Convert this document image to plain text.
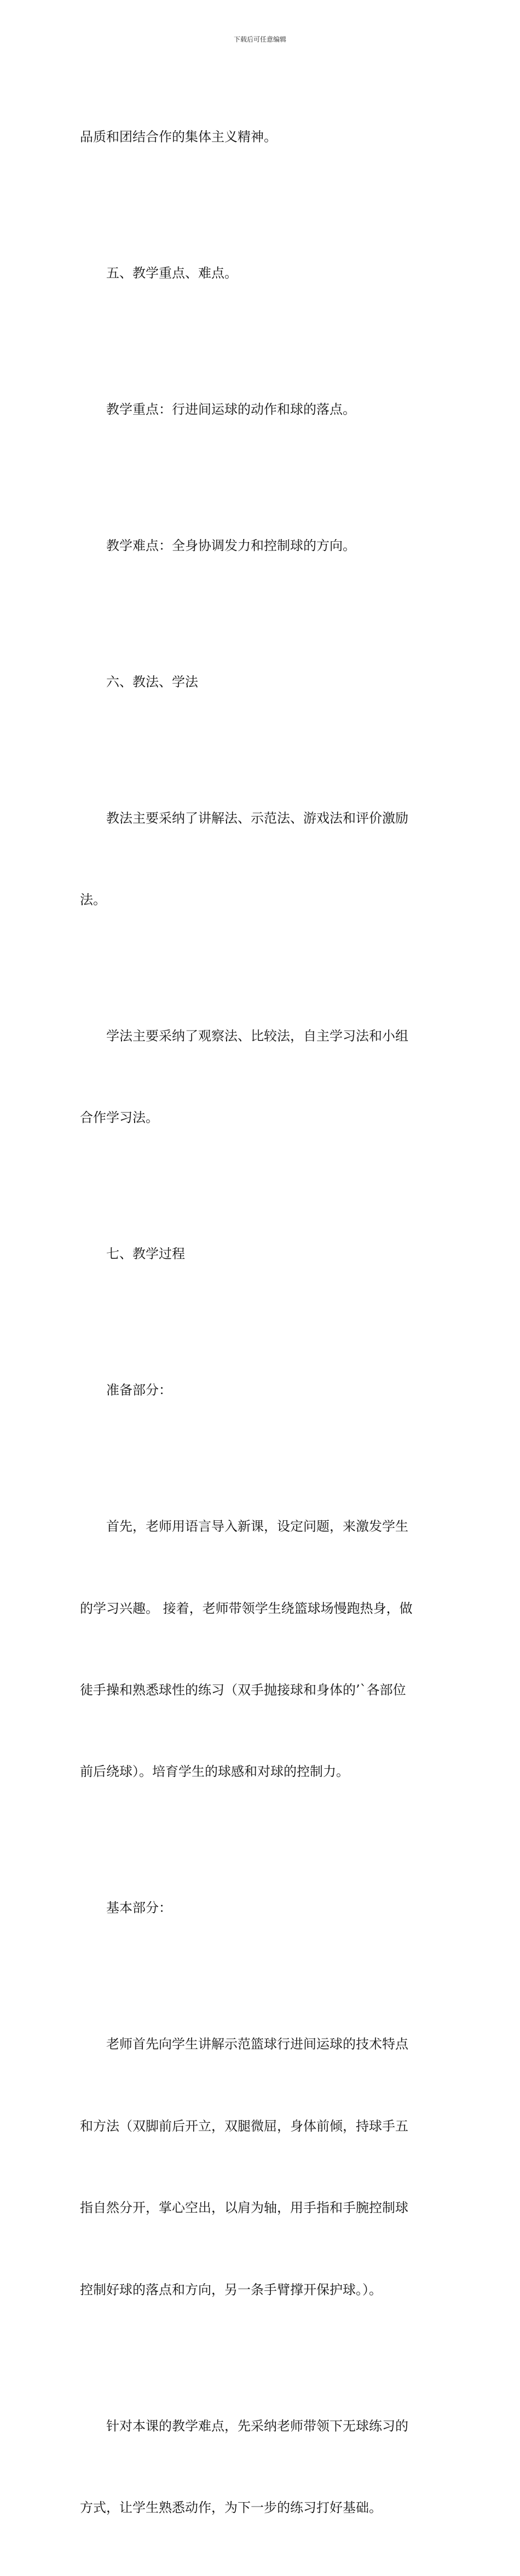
下载后可任意编辑

品质和团结合作的集体主义精神。

五、教学重点、难点。

教学重点：行进间运球的动作和球的落点。

教学难点：全身协调发力和控制球的方向。

六、教法、学法

教法主要采纳了讲解法、示范法、游戏法和评价激励

法。

学法主要采纳了观察法、比较法，自主学习法和小组

合作学习法。

七、教学过程

准备部分：

首先，老师用语言导入新课，设定问题，来激发学生

的学习兴趣。 接着，老师带领学生绕篮球场慢跑热身，做

徒手操和熟悉球性的练习（双手抛接球和身体的’`各部位

前后绕球）。培育学生的球感和对球的控制力。

基本部分：

老师首先向学生讲解示范篮球行进间运球的技术特点

和方法（双脚前后开立，双腿微屈，身体前倾，持球手五

指自然分开，掌心空出，以肩为轴，用手指和手腕控制球

控制好球的落点和方向，另一条手臂撑开保护球。）。

针对本课的教学难点，先采纳老师带领下无球练习的

方式，让学生熟悉动作，为下一步的练习打好基础。
